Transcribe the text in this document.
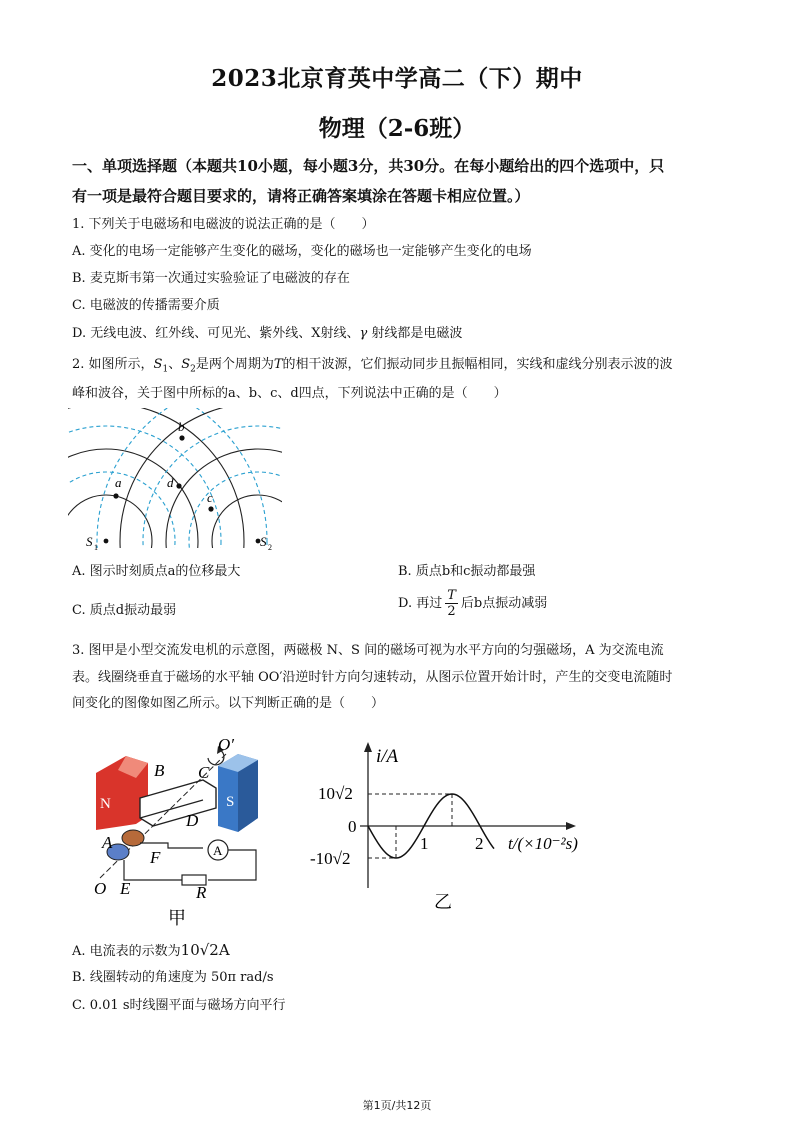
2023北京育英中学高二（下）期中
物理（2-6班）
一、单项选择题（本题共10小题，每小题3分，共30分。在每小题给出的四个选项中，只
有一项是最符合题目要求的，请将正确答案填涂在答题卡相应位置。）
1. 下列关于电磁场和电磁波的说法正确的是（　　）
A. 变化的电场一定能够产生变化的磁场，变化的磁场也一定能够产生变化的电场
B. 麦克斯韦第一次通过实验验证了电磁波的存在
C. 电磁波的传播需要介质
D. 无线电波、红外线、可见光、紫外线、X射线、γ 射线都是电磁波
2. 如图所示，$S_1$、$S_2$是两个周期为T的相干波源，它们振动同步且振幅相同，实线和虚线分别表示波的波
峰和波谷，关于图中所标的a、b、c、d四点，下列说法中正确的是（　　）
a
b
d
c
S 1	S 2
A. 图示时刻质点a的位移最大	B. 质点b和c振动都最强
C. 质点d振动最弱	D. 再过 T
2
后b点振动减弱
3. 图甲是小型交流发电机的示意图，两磁极 N、S 间的磁场可视为水平方向的匀强磁场，A 为交流电流
表。线圈绕垂直于磁场的水平轴 OO′沿逆时针方向匀速转动，从图示位置开始计时，产生的交变电流随时
间变化的图像如图乙所示。以下判断正确的是（　　）
A
N	S
B C
D
A
F
E
O
O′
R
甲
i/A
t/(×10⁻²s)
10√2
0
-10√2
1	2
乙
A. 电流表的示数为10√2A
B. 线圈转动的角速度为 50π rad/s
C. 0.01 s时线圈平面与磁场方向平行
第1页/共12页
